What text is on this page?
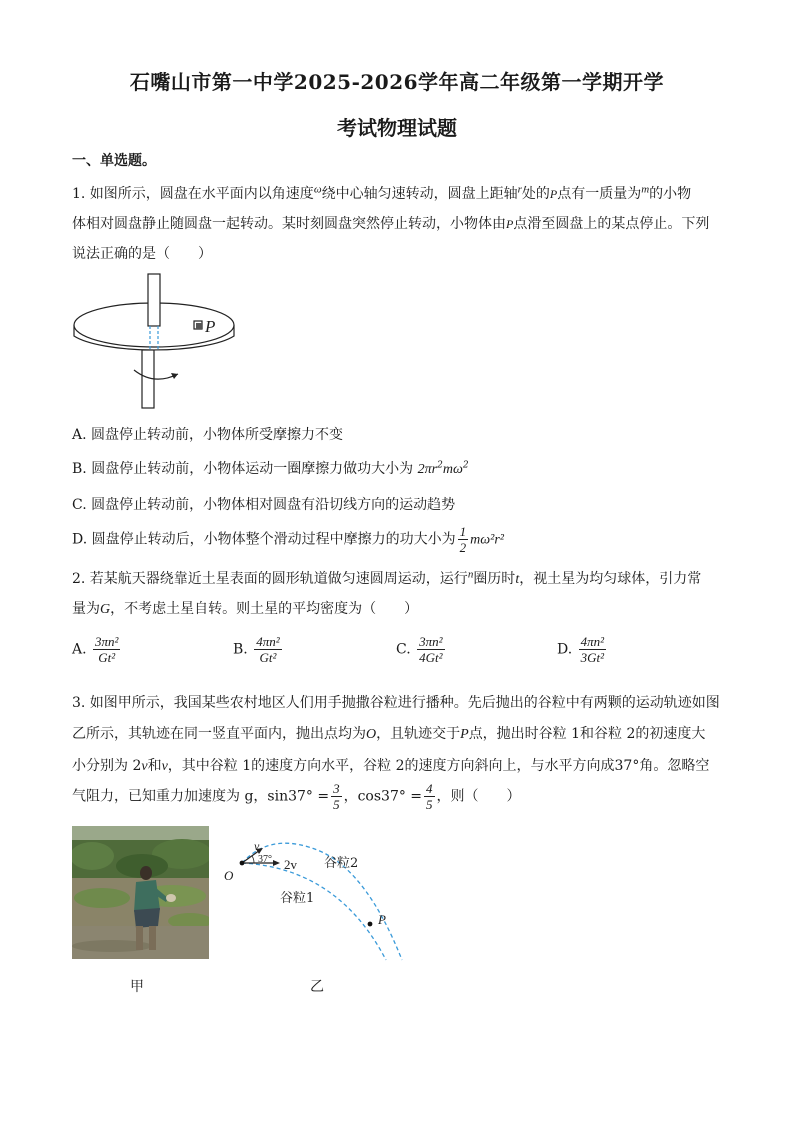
石嘴山市第一中学2025-2026学年高二年级第一学期开学
考试物理试题
一、单选题。
1. 如图所示，圆盘在水平面内以角速度$^\omega$绕中心轴匀速转动，圆盘上距轴$^r$处的P点有一质量为$^m$的小物
体相对圆盘静止随圆盘一起转动。某时刻圆盘突然停止转动，小物体由P点滑至圆盘上的某点停止。下列
说法正确的是（　　）
P
A. 圆盘停止转动前，小物体所受摩擦力不变
B. 圆盘停止转动前，小物体运动一圈摩擦力做功大小为 $2\pi r^2m\omega^2$
C. 圆盘停止转动前，小物体相对圆盘有沿切线方向的运动趋势
D. 圆盘停止转动后，小物体整个滑动过程中摩擦力的功大小为 $\frac{1}{2} m\omega^2r^2$
2. 若某航天器绕靠近土星表面的圆形轨道做匀速圆周运动，运行$^n$圈历时t，视土星为均匀球体，引力常
量为G，不考虑土星自转。则土星的平均密度为（　　）
A. $\frac{\text{3πn²}}{\text{Gt²}}$	B. $\frac{\text{4πn²}}{\text{Gt²}}$	C. $\frac{\text{3πn²}}{\text{4Gt²}}$	D. $\frac{\text{4πn²}}{\text{3Gt²}}$
3. 如图甲所示，我国某些农村地区人们用手抛撒谷粒进行播种。先后抛出的谷粒中有两颗的运动轨迹如图
乙所示，其轨迹在同一竖直平面内，抛出点均为O，且轨迹交于P点，抛出时谷粒 1和谷粒 2的初速度大
小分别为 2v和v，其中谷粒 1的速度方向水平，谷粒 2的速度方向斜向上，与水平方向成37°角。忽略空
气阻力，已知重力加速度为 g，$\sin 37^\circ = \frac{3}{5}$ ，$\cos 37^\circ = \frac{4}{5}$ ，则（　　）
v
37° 2v
O
P
谷粒2
谷粒1
甲	乙
